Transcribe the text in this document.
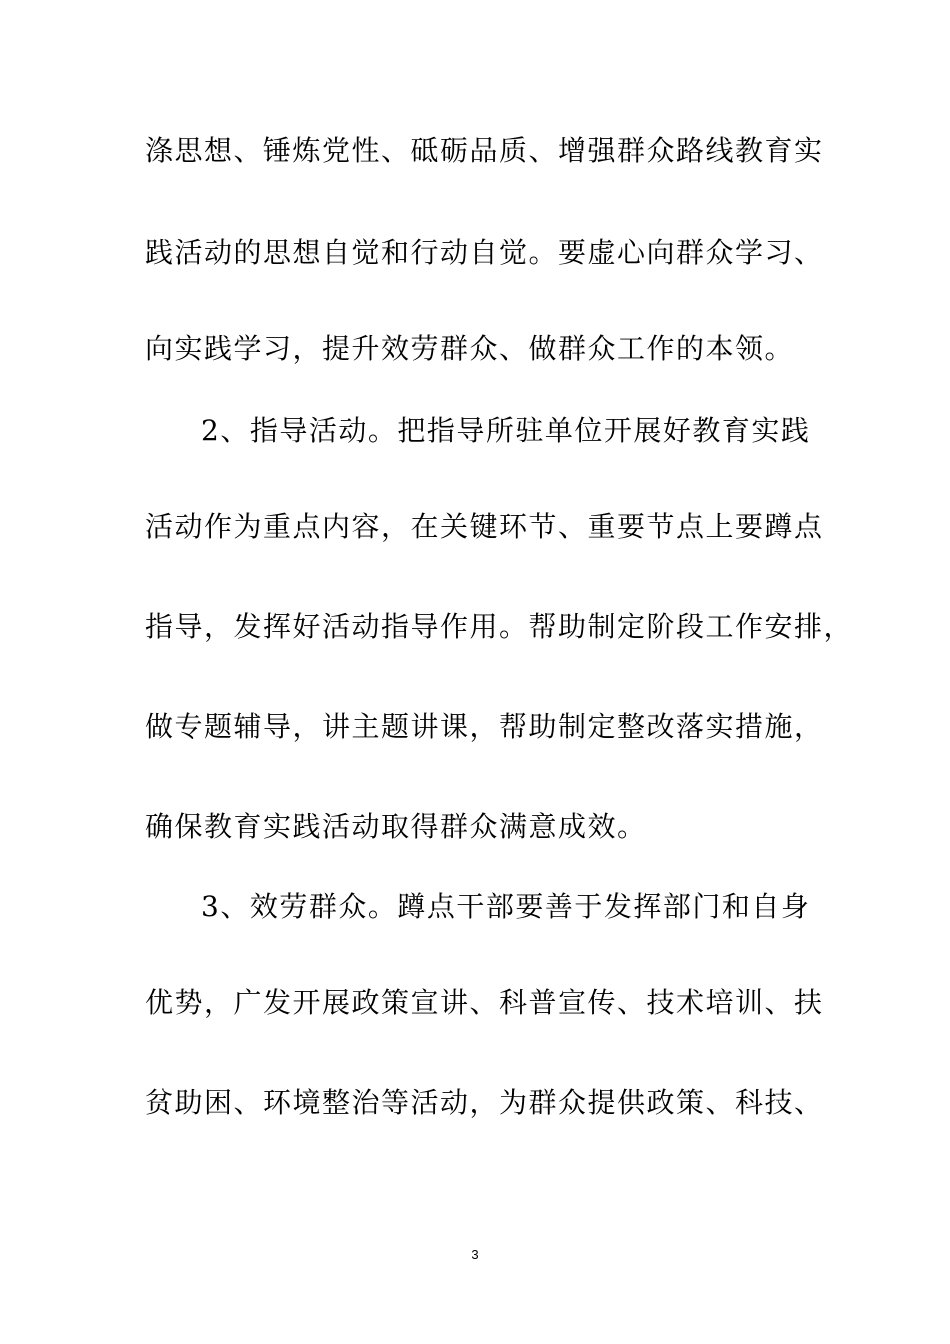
涤思想、锤炼党性、砥砺品质、增强群众路线教育实
践活动的思想自觉和行动自觉。要虚心向群众学习、
向实践学习，提升效劳群众、做群众工作的本领。
2、指导活动。把指导所驻单位开展好教育实践
活动作为重点内容，在关键环节、重要节点上要蹲点
指导，发挥好活动指导作用。帮助制定阶段工作安排，
做专题辅导，讲主题讲课，帮助制定整改落实措施，
确保教育实践活动取得群众满意成效。
3、效劳群众。蹲点干部要善于发挥部门和自身
优势，广发开展政策宣讲、科普宣传、技术培训、扶
贫助困、环境整治等活动，为群众提供政策、科技、
3
